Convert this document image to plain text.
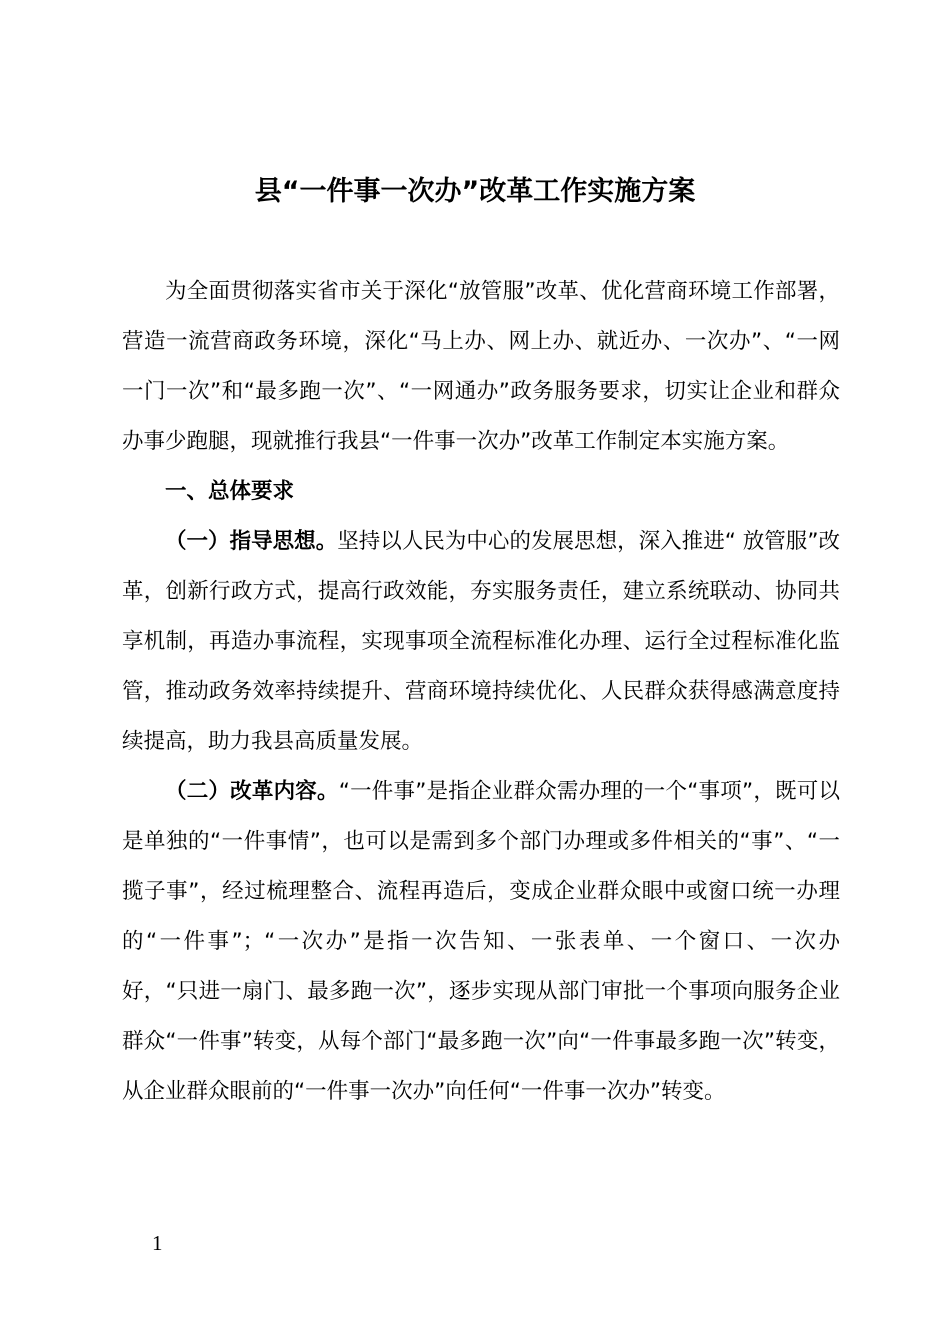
县“一件事一次办”改革工作实施方案

为全面贯彻落实省市关于深化“放管服”改革、优化营商环境工作部署，营造一流营商政务环境，深化“马上办、网上办、就近办、一次办”、“一网一门一次”和“最多跑一次”、“一网通办”政务服务要求，切实让企业和群众办事少跑腿，现就推行我县“一件事一次办”改革工作制定本实施方案。

一、总体要求

（一）指导思想。坚持以人民为中心的发展思想，深入推进“ 放管服”改革，创新行政方式，提高行政效能，夯实服务责任，建立系统联动、协同共享机制，再造办事流程，实现事项全流程标准化办理、运行全过程标准化监管，推动政务效率持续提升、营商环境持续优化、人民群众获得感满意度持续提高，助力我县高质量发展。

（二）改革内容。“一件事”是指企业群众需办理的一个“事项”，既可以是单独的“一件事情”，也可以是需到多个部门办理或多件相关的“事”、“一揽子事”，经过梳理整合、流程再造后，变成企业群众眼中或窗口统一办理的“一件事”；“一次办”是指一次告知、一张表单、一个窗口、一次办好，“只进一扇门、最多跑一次”，逐步实现从部门审批一个事项向服务企业群众“一件事”转变，从每个部门“最多跑一次”向“一件事最多跑一次”转变，从企业群众眼前的“一件事一次办”向任何“一件事一次办”转变。

1
